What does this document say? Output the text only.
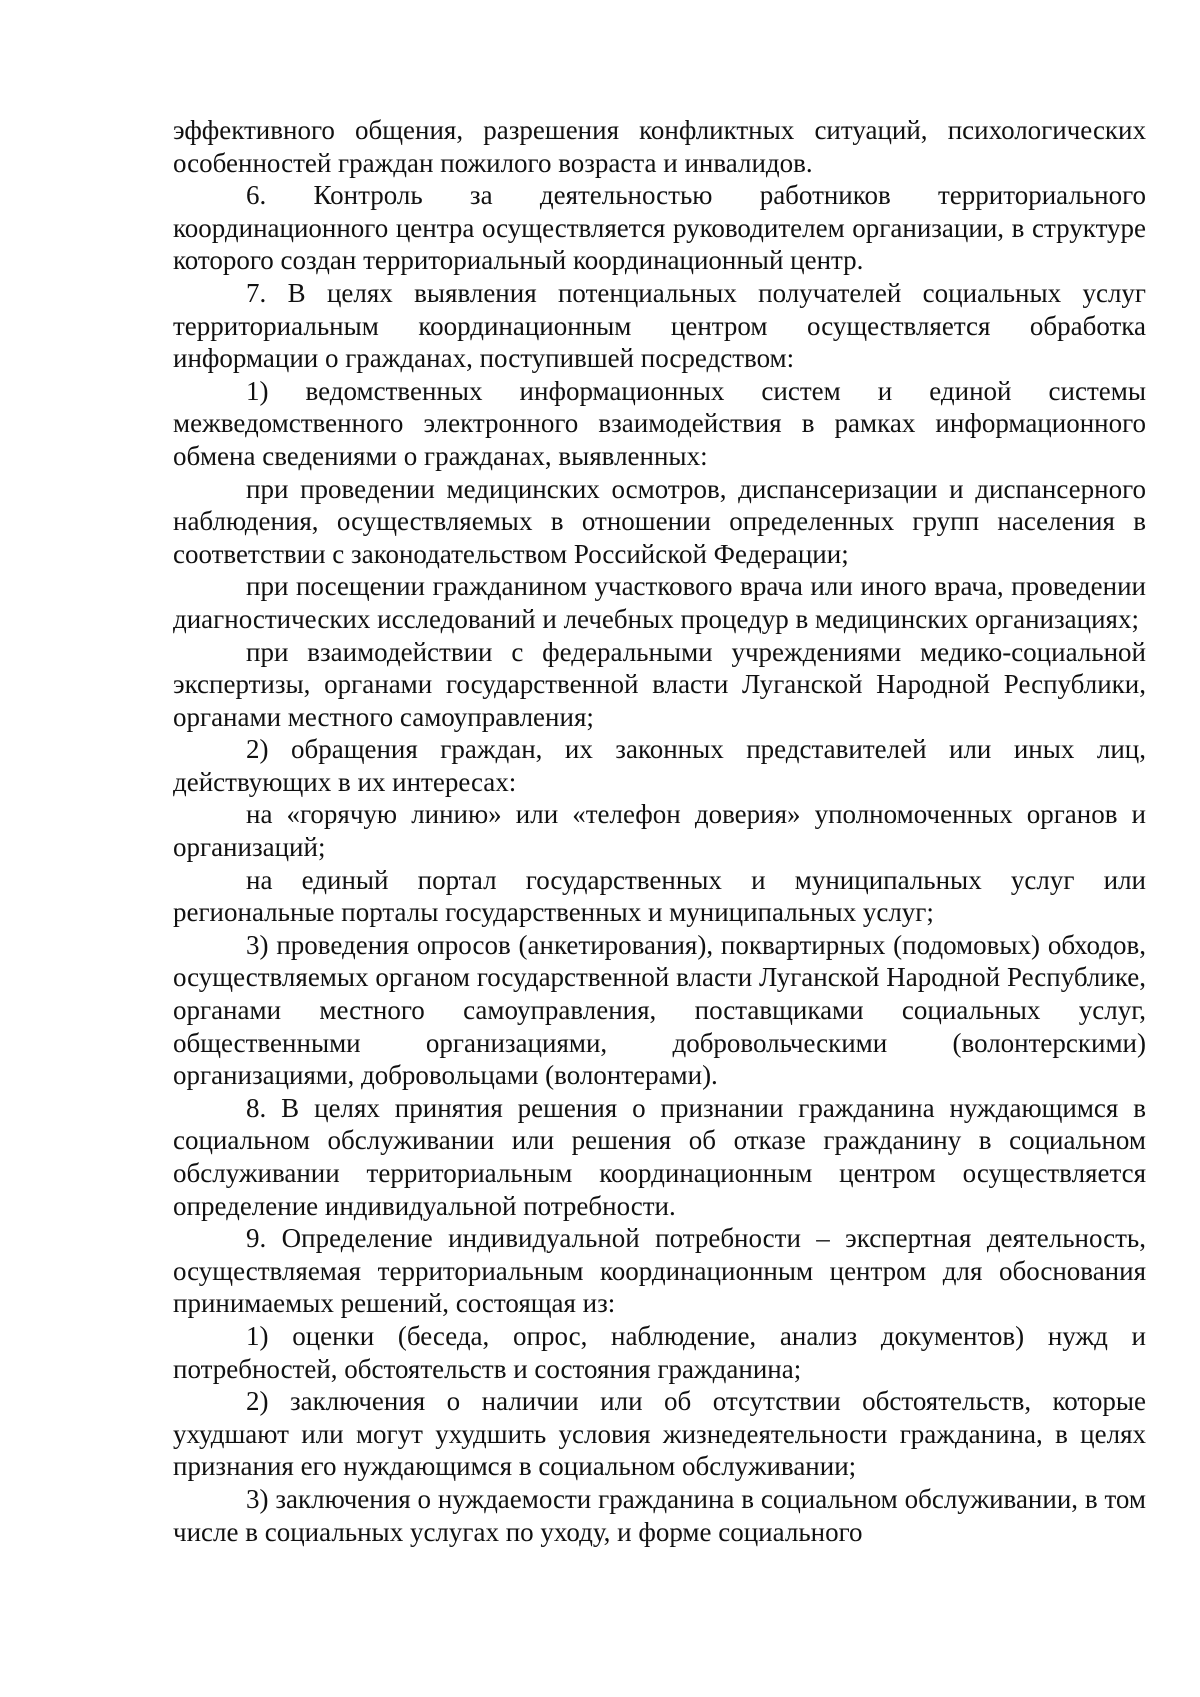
эффективного общения, разрешения конфликтных ситуаций, психологических особенностей граждан пожилого возраста и инвалидов.

6. Контроль за деятельностью работников территориального координационного центра осуществляется руководителем организации, в структуре которого создан территориальный координационный центр.

7. В целях выявления потенциальных получателей социальных услуг территориальным координационным центром осуществляется обработка информации о гражданах, поступившей посредством:

1) ведомственных информационных систем и единой системы межведомственного электронного взаимодействия в рамках информационного обмена сведениями о гражданах, выявленных:

при проведении медицинских осмотров, диспансеризации и диспансерного наблюдения, осуществляемых в отношении определенных групп населения в соответствии с законодательством Российской Федерации;

при посещении гражданином участкового врача или иного врача, проведении диагностических исследований и лечебных процедур в медицинских организациях;

при взаимодействии с федеральными учреждениями медико-социальной экспертизы, органами государственной власти Луганской Народной Республики, органами местного самоуправления;

2) обращения граждан, их законных представителей или иных лиц, действующих в их интересах:

на «горячую линию» или «телефон доверия» уполномоченных органов и организаций;

на единый портал государственных и муниципальных услуг или региональные порталы государственных и муниципальных услуг;

3) проведения опросов (анкетирования), поквартирных (подомовых) обходов, осуществляемых органом государственной власти Луганской Народной Республике, органами местного самоуправления, поставщиками социальных услуг, общественными организациями, добровольческими (волонтерскими) организациями, добровольцами (волонтерами).

8. В целях принятия решения о признании гражданина нуждающимся в социальном обслуживании или решения об отказе гражданину в социальном обслуживании территориальным координационным центром осуществляется определение индивидуальной потребности.

9. Определение индивидуальной потребности – экспертная деятельность, осуществляемая территориальным координационным центром для обоснования принимаемых решений, состоящая из:

1) оценки (беседа, опрос, наблюдение, анализ документов) нужд и потребностей, обстоятельств и состояния гражданина;

2) заключения о наличии или об отсутствии обстоятельств, которые ухудшают или могут ухудшить условия жизнедеятельности гражданина, в целях признания его нуждающимся в социальном обслуживании;

3) заключения о нуждаемости гражданина в социальном обслуживании, в том числе в социальных услугах по уходу, и форме социального
